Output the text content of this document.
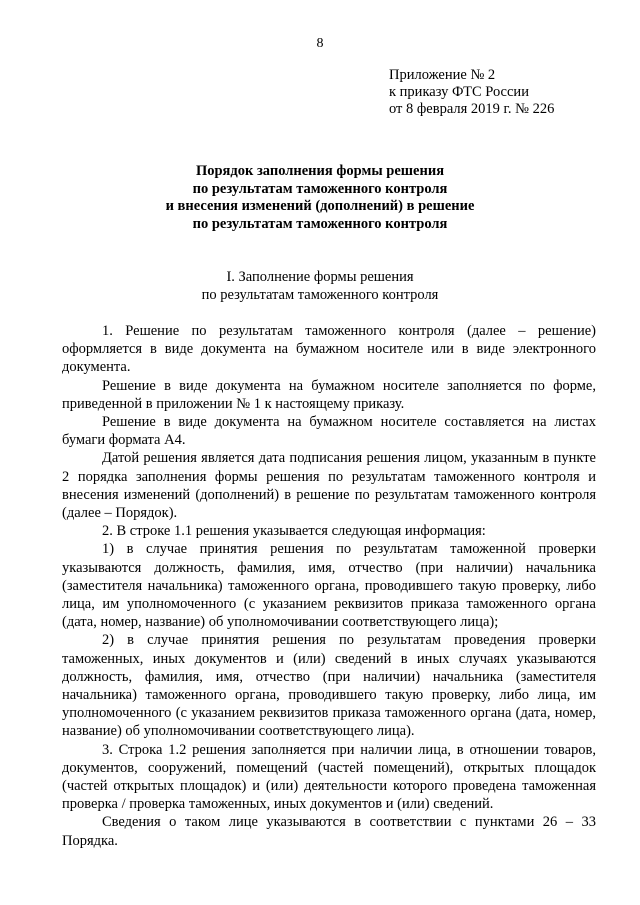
8
Приложение № 2
к приказу ФТС России
от 8 февраля 2019 г. № 226
Порядок заполнения формы решения
по результатам таможенного контроля
и внесения изменений (дополнений) в решение
по результатам таможенного контроля
I. Заполнение формы решения
по результатам таможенного контроля

1. Решение по результатам таможенного контроля (далее – решение) оформляется в виде документа на бумажном носителе или в виде электронного документа.

Решение в виде документа на бумажном носителе заполняется по форме, приведенной в приложении № 1 к настоящему приказу.

Решение в виде документа на бумажном носителе составляется на листах бумаги формата А4.

Датой решения является дата подписания решения лицом, указанным в пункте 2 порядка заполнения формы решения по результатам таможенного контроля и внесения изменений (дополнений) в решение по результатам таможенного контроля (далее – Порядок).

2. В строке 1.1 решения указывается следующая информация:

1) в случае принятия решения по результатам таможенной проверки указываются должность, фамилия, имя, отчество (при наличии) начальника (заместителя начальника) таможенного органа, проводившего такую проверку, либо лица, им уполномоченного (с указанием реквизитов приказа таможенного органа (дата, номер, название) об уполномочивании соответствующего лица);

2) в случае принятия решения по результатам проведения проверки таможенных, иных документов и (или) сведений в иных случаях указываются должность, фамилия, имя, отчество (при наличии) начальника (заместителя начальника) таможенного органа, проводившего такую проверку, либо лица, им уполномоченного (с указанием реквизитов приказа таможенного органа (дата, номер, название) об уполномочивании соответствующего лица).

3. Строка 1.2 решения заполняется при наличии лица, в отношении товаров, документов, сооружений, помещений (частей помещений), открытых площадок (частей открытых площадок) и (или) деятельности которого проведена таможенная проверка / проверка таможенных, иных документов и (или) сведений.

Сведения о таком лице указываются в соответствии с пунктами 26 – 33 Порядка.
